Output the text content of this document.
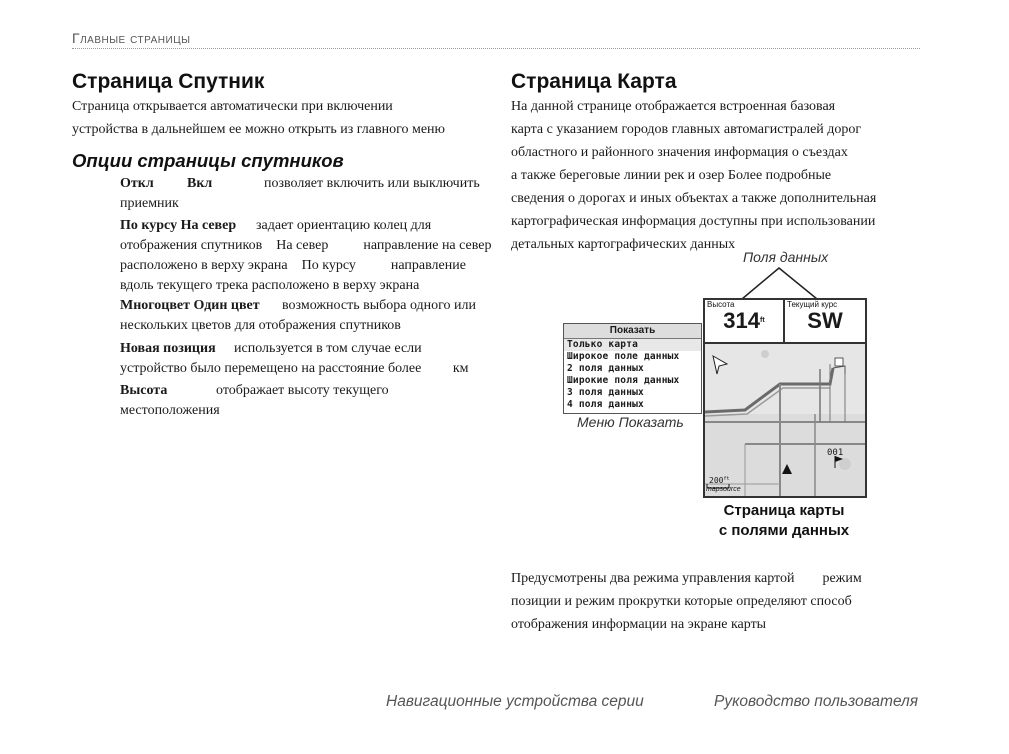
Главные страницы
Страница Спутник
Страница открывается автоматически при включении
устройства в дальнейшем ее можно открыть из главного меню
Опции страницы спутников
Откл Вкл	позволяет включить или выключить
приемник
По курсу На север задает ориентацию колец для
отображения спутников    На север          направление на север
расположено в верху экрана    По курсу          направление
вдоль текущего трека расположено в верху экрана
Многоцвет Один цвет возможность выбора одного или
нескольких цветов для отображения спутников
Новая позиция используется в том случае если
устройство было перемещено на расстояние более         км
Высота	отображает высоту текущего
местоположения
Страница Карта
На данной странице отображается встроенная базовая
карта с указанием городов главных автомагистралей дорог
областного и районного значения информация о съездах
а также береговые линии рек и озер Более подробные
сведения о дорогах и иных объектах а также дополнительная
картографическая информация доступны при использовании
детальных картографических данных
Поля данных
Показать
Только карта
Широкое поле данных
2 поля данных
Широкие поля данных
3 поля данных
4 поля данных
Меню Показать
Высота
$314^{ft}$
Текущий курс
SW
001
$200^{ft}$
mapsource
Страница карты
с полями данных
Предусмотрены два режима управления картой        режим
позиции и режим прокрутки которые определяют способ
отображения информации на экране карты
Навигационные устройства серии	Руководство пользователя
